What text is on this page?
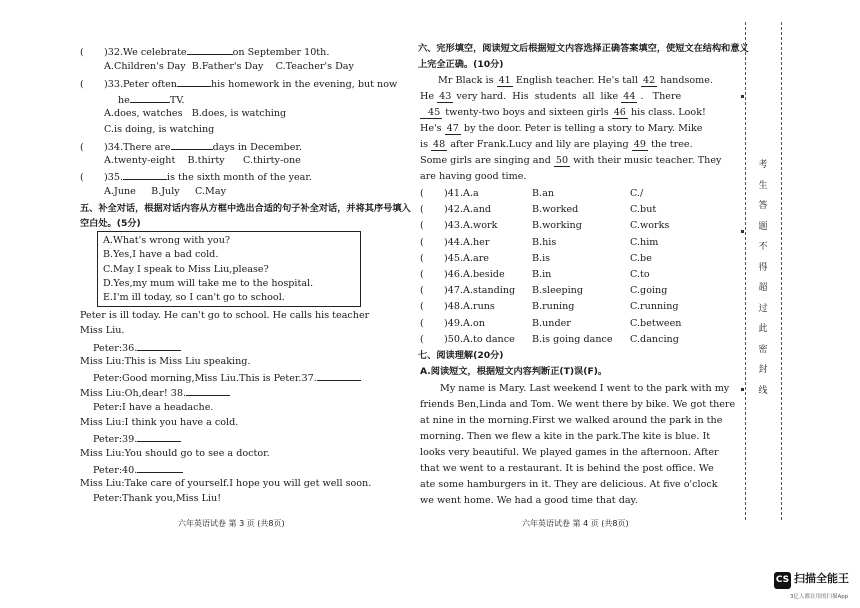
( )32.We celebrate	on September 10th.
A.Children's Day B.Father's Day C.Teacher's Day
( )33.Peter often	his homework in the evening, but now
he	TV.
A.does, watches B.does, is watching
C.is doing, is watching
( )34.There are	days in December.
A.twenty-eight B.thirty C.thirty-one
( )35.	is the sixth month of the year.
A.June B.July C.May
五、补全对话，根据对话内容从方框中选出合适的句子补全对话，并将其序号填入
空白处。(5分)
A.What's wrong with you?
B.Yes,I have a bad cold.
C.May I speak to Miss Liu,please?
D.Yes,my mum will take me to the hospital.
E.I'm ill today, so I can't go to school.
Peter is ill today. He can't go to school. He calls his teacher
Miss Liu.
Peter:36.
Miss Liu:This is Miss Liu speaking.
Peter:Good morning,Miss Liu.This is Peter.37.
Miss Liu:Oh,dear! 38.
Peter:I have a headache.
Miss Liu:I think you have a cold.
Peter:39.
Miss Liu:You should go to see a doctor.
Peter:40.
Miss Liu:Take care of yourself.I hope you will get well soon.
Peter:Thank you,Miss Liu!
六年英语试卷 第 3 页 (共8页)
六、完形填空，阅读短文后根据短文内容选择正确答案填空，使短文在结构和意义
上完全正确。(10分)
Mr Black is 41 English teacher. He's tall 42 handsome.
He 43 very hard.  His  students  all  like 44 .   There
45 twenty-two boys and sixteen girls 46 his class. Look!
He's 47 by the door. Peter is telling a story to Mary. Mike
is 48 after Frank.Lucy and lily are playing 49 the tree.
Some girls are singing and 50 with their music teacher. They
are having good time.
( )41.A.a	B.an	C./
( )42.A.and	B.worked	C.but
( )43.A.work	B.working	C.works
( )44.A.her	B.his	C.him
( )45.A.are	B.is	C.be
( )46.A.beside	B.in	C.to
( )47.A.standing B.sleeping	C.going
( )48.A.runs	B.runing	C.running
( )49.A.on	B.under	C.between
( )50.A.to dance B.is going dance C.dancing
七、阅读理解(20分)
A.阅读短文，根据短文内容判断正(T)误(F)。
My name is Mary. Last weekend I went to the park with my
friends Ben,Linda and Tom. We went there by bike. We got there
at nine in the morning.First we walked around the park in the
morning. Then we flew a kite in the park.The kite is blue. It
looks very beautiful. We played games in the afternoon. After
that we went to a restaurant. It is behind the post office. We
ate some hamburgers in it. They are delicious. At five o'clock
we went home. We had a good time that day.
六年英语试卷 第 4 页 (共8页)
考
生
答
题
不
得
超
过
此
密
封
线
CS 扫描全能王
3亿人都在用的扫描App
